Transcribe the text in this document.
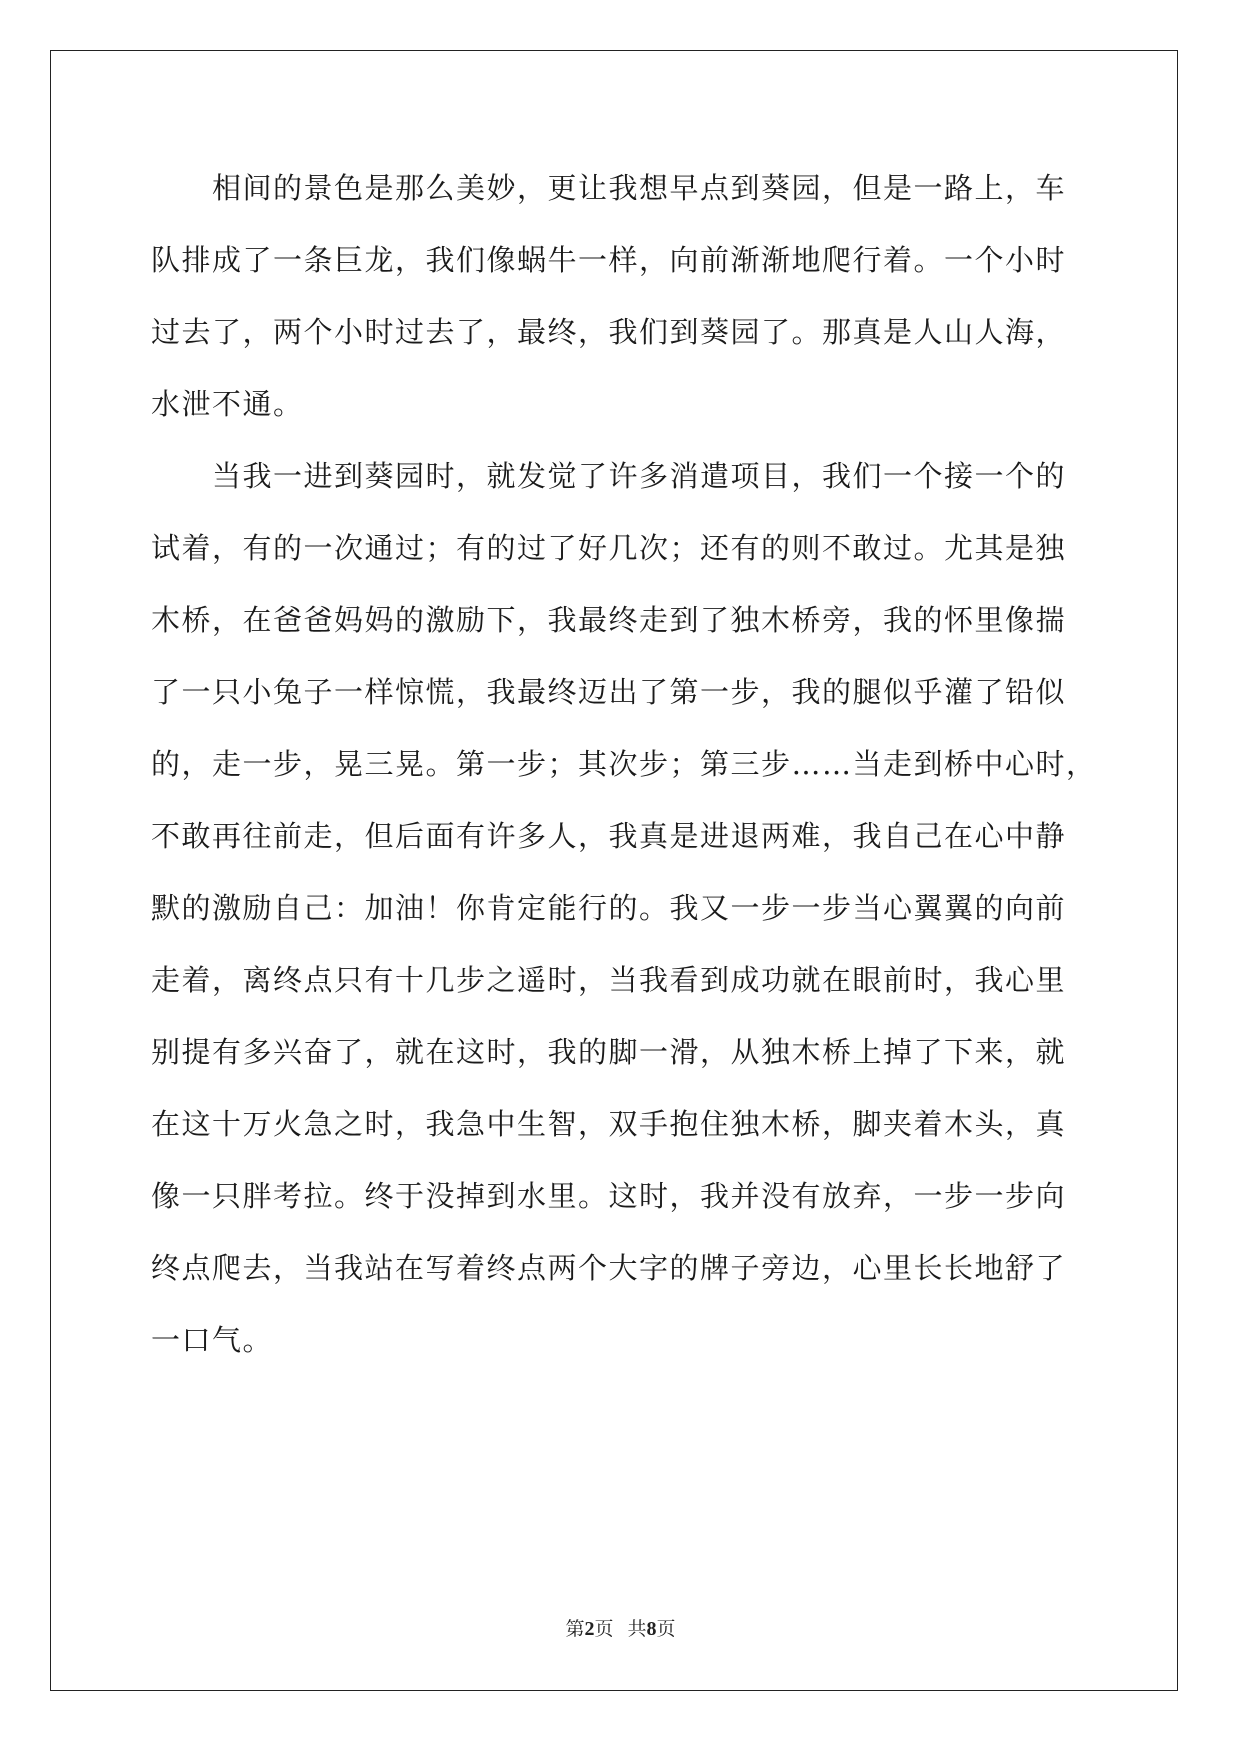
　　相间的景色是那么美妙，更让我想早点到葵园，但是一路上，车
队排成了一条巨龙，我们像蜗牛一样，向前渐渐地爬行着。一个小时
过去了，两个小时过去了，最终，我们到葵园了。那真是人山人海，
水泄不通。

　　当我一进到葵园时，就发觉了许多消遣项目，我们一个接一个的
试着，有的一次通过；有的过了好几次；还有的则不敢过。尤其是独
木桥，在爸爸妈妈的激励下，我最终走到了独木桥旁，我的怀里像揣
了一只小兔子一样惊慌，我最终迈出了第一步，我的腿似乎灌了铅似
的，走一步，晃三晃。第一步；其次步；第三步……当走到桥中心时，
不敢再往前走，但后面有许多人，我真是进退两难，我自己在心中静
默的激励自己：加油！你肯定能行的。我又一步一步当心翼翼的向前
走着，离终点只有十几步之遥时，当我看到成功就在眼前时，我心里
别提有多兴奋了，就在这时，我的脚一滑，从独木桥上掉了下来，就
在这十万火急之时，我急中生智，双手抱住独木桥，脚夹着木头，真
像一只胖考拉。终于没掉到水里。这时，我并没有放弃，一步一步向
终点爬去，当我站在写着终点两个大字的牌子旁边，心里长长地舒了
一口气。

第2页 共8页
